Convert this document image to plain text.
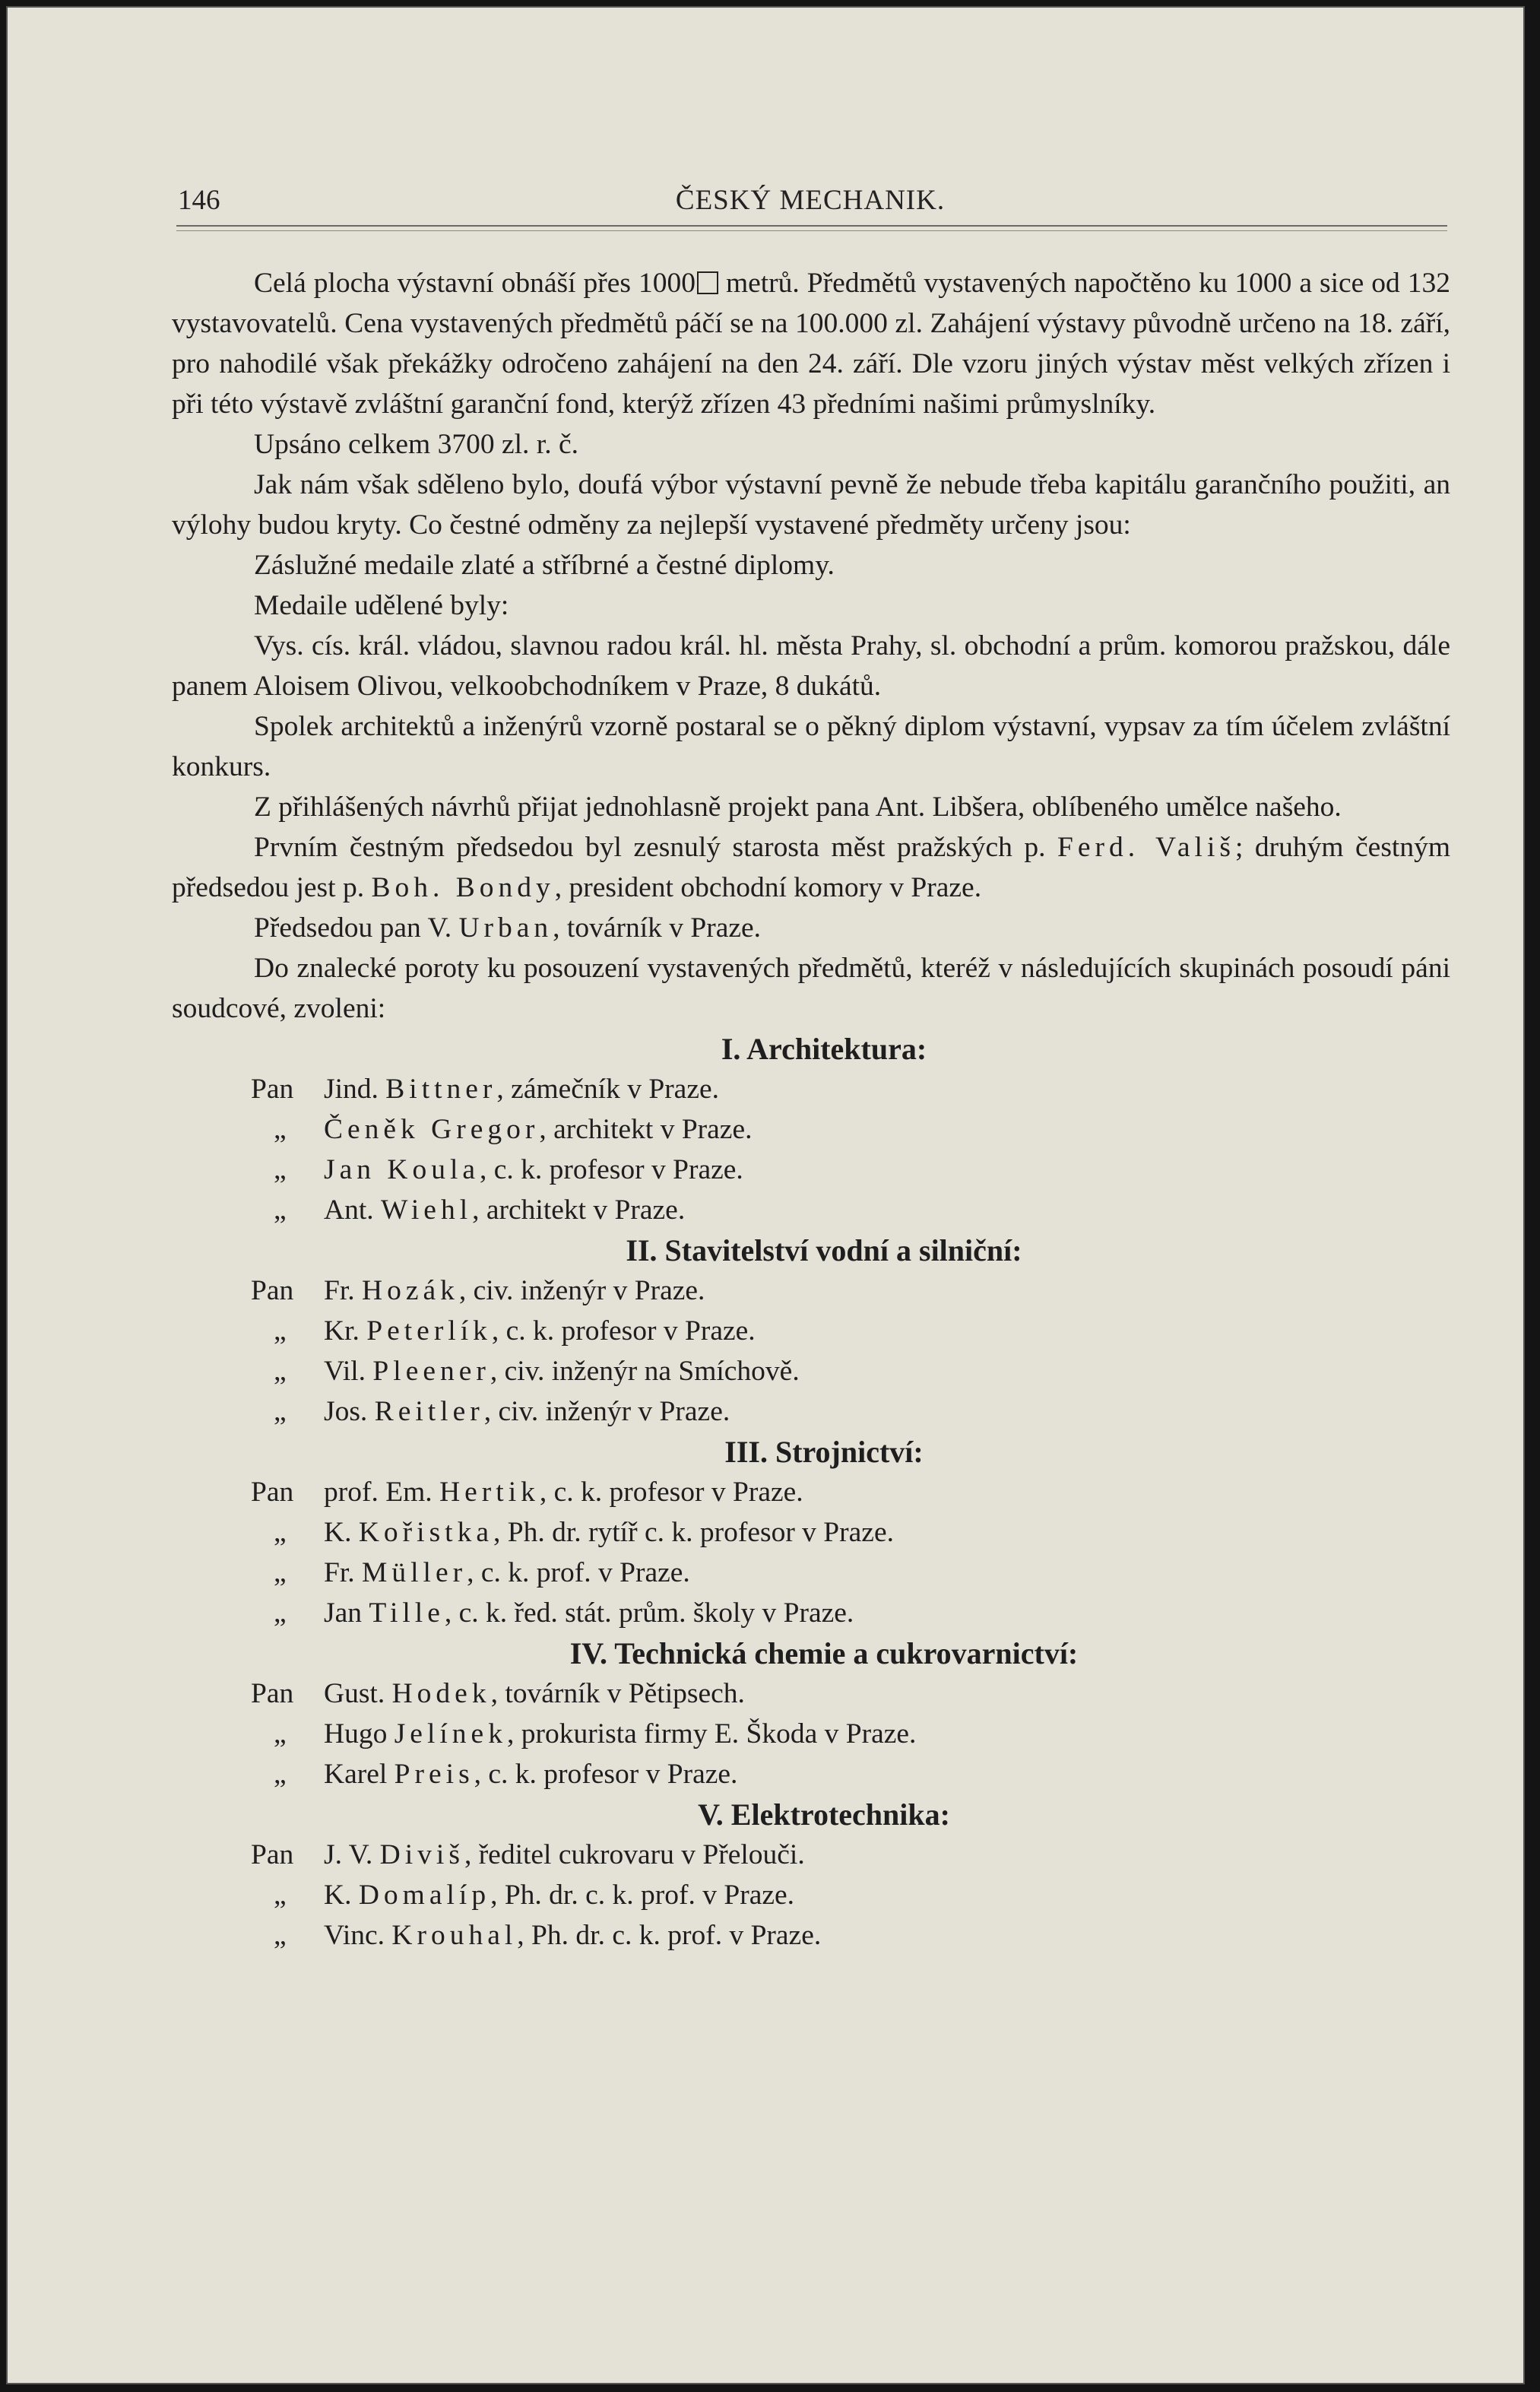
146	ČESKÝ MECHANIK.

Celá plocha výstavní obnáší přes 1000 metrů. Předmětů vystavených napočtěno ku 1000 a sice od 132 vystavovatelů. Cena vystavených předmětů páčí se na 100.000 zl. Zahájení výstavy původně určeno na 18. září, pro nahodilé však překážky odročeno zahájení na den 24. září. Dle vzoru jiných výstav měst velkých zřízen i při této výstavě zvláštní garanční fond, kterýž zřízen 43 předními našimi průmyslníky.

Upsáno celkem 3700 zl. r. č.

Jak nám však sděleno bylo, doufá výbor výstavní pevně že nebude třeba kapitálu garančního použiti, an výlohy budou kryty. Co čestné odměny za nejlepší vystavené předměty určeny jsou:

Záslužné medaile zlaté a stříbrné a čestné diplomy.

Medaile udělené byly:

Vys. cís. král. vládou, slavnou radou král. hl. města Prahy, sl. obchodní a prům. komorou pražskou, dále panem Aloisem Olivou, velkoobchodníkem v Praze, 8 dukátů.

Spolek architektů a inženýrů vzorně postaral se o pěkný diplom výstavní, vypsav za tím účelem zvláštní konkurs.

Z přihlášených návrhů přijat jednohlasně projekt pana Ant. Libšera, oblíbeného umělce našeho.

Prvním čestným předsedou byl zesnulý starosta měst pražských p. Ferd. Vališ; druhým čestným předsedou jest p. Boh. Bondy, president obchodní komory v Praze.

Předsedou pan V. Urban, továrník v Praze.

Do znalecké poroty ku posouzení vystavených předmětů, kteréž v následujících skupinách posoudí páni soudcové, zvoleni:

I. Architektura:

Pan Jind. Bittner, zámečník v Praze.

„ Čeněk Gregor, architekt v Praze.

„ Jan Koula, c. k. profesor v Praze.

„ Ant. Wiehl, architekt v Praze.

II. Stavitelství vodní a silniční:

Pan Fr. Hozák, civ. inženýr v Praze.

„ Kr. Peterlík, c. k. profesor v Praze.

„ Vil. Pleener, civ. inženýr na Smíchově.

„ Jos. Reitler, civ. inženýr v Praze.

III. Strojnictví:

Pan prof. Em. Hertik, c. k. profesor v Praze.

„ K. Kořistka, Ph. dr. rytíř c. k. profesor v Praze.

„ Fr. Müller, c. k. prof. v Praze.

„ Jan Tille, c. k. řed. stát. prům. školy v Praze.

IV. Technická chemie a cukrovarnictví:

Pan Gust. Hodek, továrník v Pětipsech.

„ Hugo Jelínek, prokurista firmy E. Škoda v Praze.

„ Karel Preis, c. k. profesor v Praze.

V. Elektrotechnika:

Pan J. V. Diviš, ředitel cukrovaru v Přelouči.

„ K. Domalíp, Ph. dr. c. k. prof. v Praze.

„ Vinc. Krouhal, Ph. dr. c. k. prof. v Praze.
